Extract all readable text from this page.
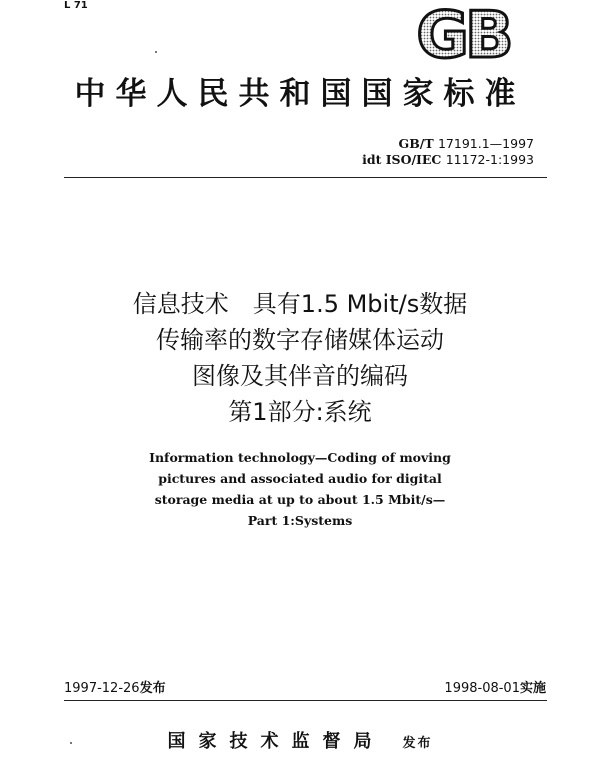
L 71	GB
中华人民共和国国家标准
GB/T 17191.1—1997
idt ISO/IEC 11172-1:1993
信息技术　具有1.5 Mbit/s数据
传输率的数字存储媒体运动
图像及其伴音的编码
第1部分:系统
Information technology—Coding of moving
pictures and associated audio for digital
storage media at up to about 1.5 Mbit/s—
Part 1:Systems
1997-12-26发布	1998-08-01实施
国家技术监督局 发布
